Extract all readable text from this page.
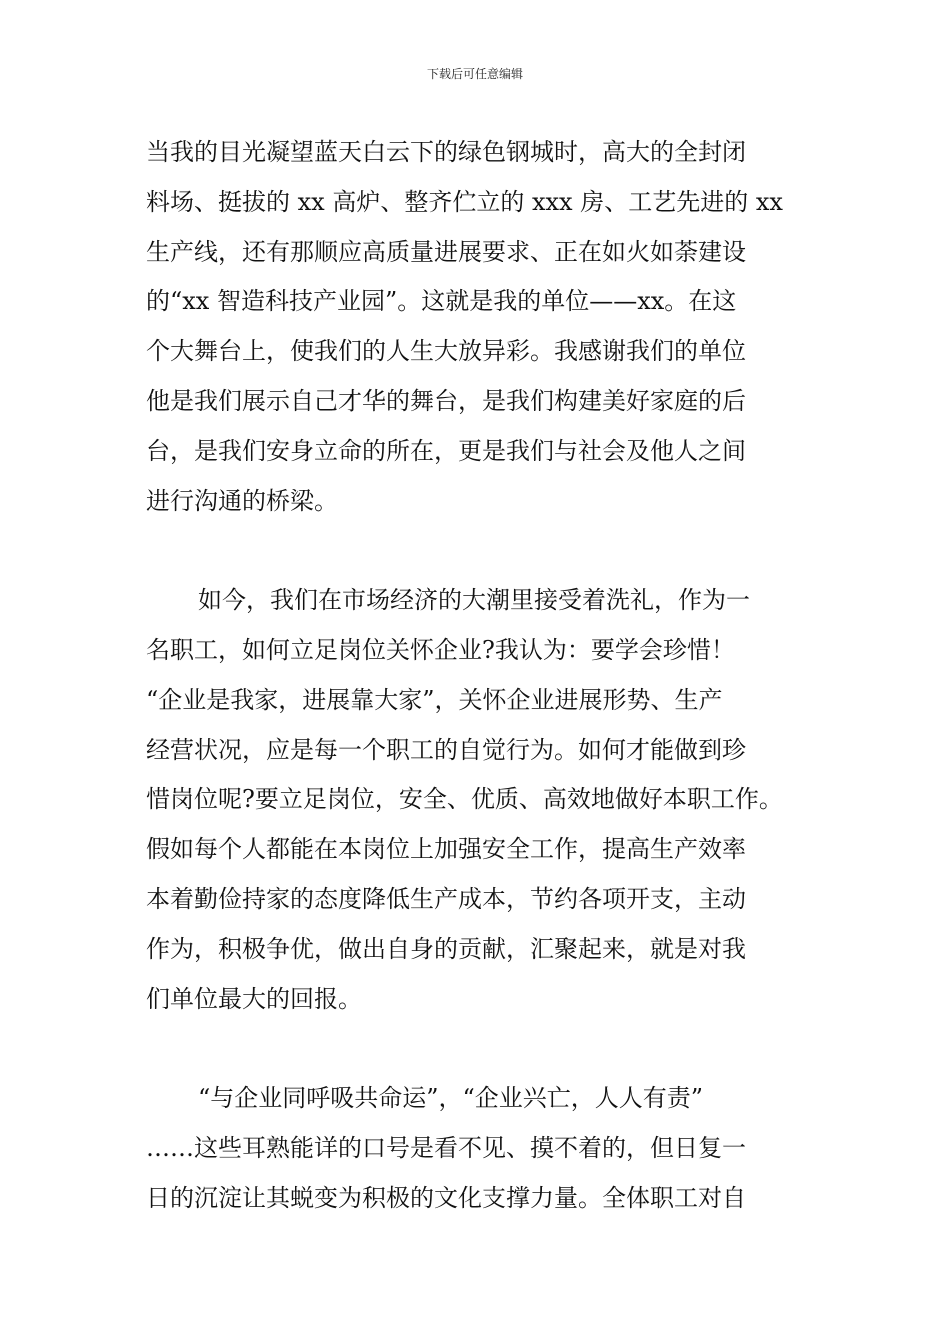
下载后可任意编辑
当我的目光凝望蓝天白云下的绿色钢城时，高大的全封闭
料场、挺拔的 xx 高炉、整齐伫立的 xxx 房、工艺先进的 xx
生产线，还有那顺应高质量进展要求、正在如火如荼建设
的“xx 智造科技产业园”。这就是我的单位——xx。在这
个大舞台上，使我们的人生大放异彩。我感谢我们的单位
他是我们展示自己才华的舞台，是我们构建美好家庭的后
台，是我们安身立命的所在，更是我们与社会及他人之间
进行沟通的桥梁。
如今，我们在市场经济的大潮里接受着洗礼，作为一
名职工，如何立足岗位关怀企业?我认为：要学会珍惜！
“企业是我家，进展靠大家”，关怀企业进展形势、生产
经营状况，应是每一个职工的自觉行为。如何才能做到珍
惜岗位呢?要立足岗位，安全、优质、高效地做好本职工作。
假如每个人都能在本岗位上加强安全工作，提高生产效率
本着勤俭持家的态度降低生产成本，节约各项开支，主动
作为，积极争优，做出自身的贡献，汇聚起来，就是对我
们单位最大的回报。
“与企业同呼吸共命运”，“企业兴亡，人人有责”
……这些耳熟能详的口号是看不见、摸不着的，但日复一
日的沉淀让其蜕变为积极的文化支撑力量。全体职工对自
